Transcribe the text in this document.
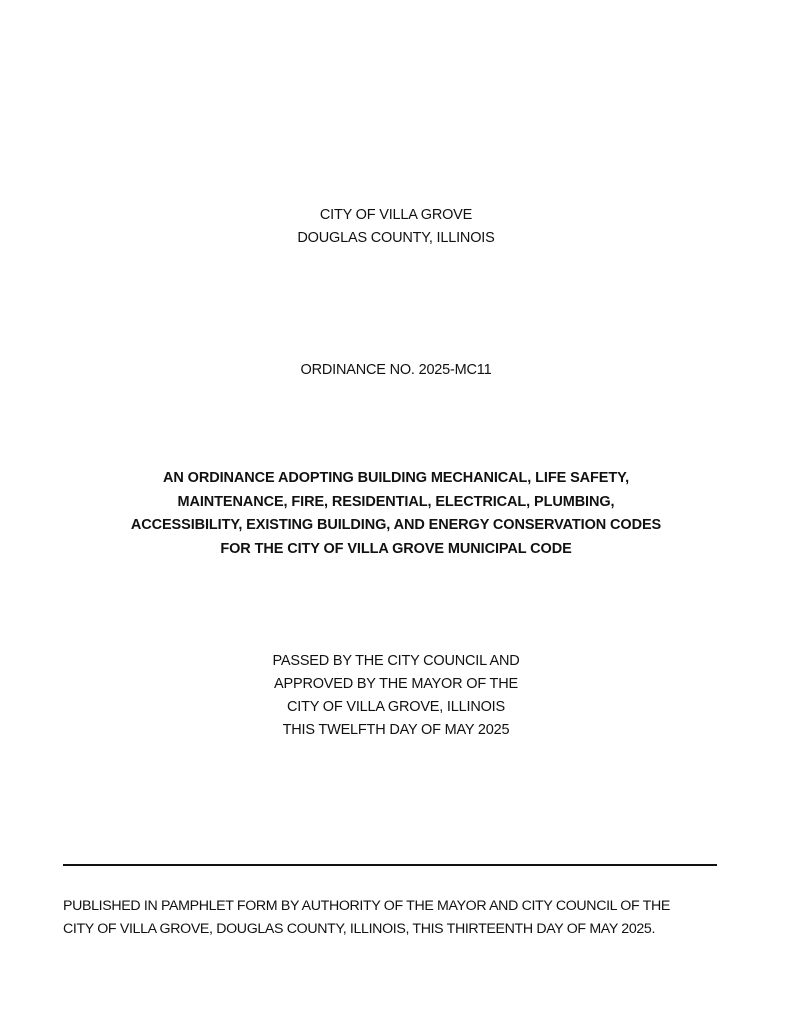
CITY OF VILLA GROVE
DOUGLAS COUNTY, ILLINOIS
ORDINANCE NO. 2025-MC11
AN ORDINANCE ADOPTING BUILDING MECHANICAL, LIFE SAFETY,
MAINTENANCE, FIRE, RESIDENTIAL, ELECTRICAL, PLUMBING,
ACCESSIBILITY, EXISTING BUILDING, AND ENERGY CONSERVATION CODES
FOR THE CITY OF VILLA GROVE MUNICIPAL CODE
PASSED BY THE CITY COUNCIL AND
APPROVED BY THE MAYOR OF THE
CITY OF VILLA GROVE, ILLINOIS
THIS TWELFTH DAY OF MAY 2025
PUBLISHED IN PAMPHLET FORM BY AUTHORITY OF THE MAYOR AND CITY COUNCIL OF THE
CITY OF VILLA GROVE, DOUGLAS COUNTY, ILLINOIS, THIS THIRTEENTH DAY OF MAY 2025.
